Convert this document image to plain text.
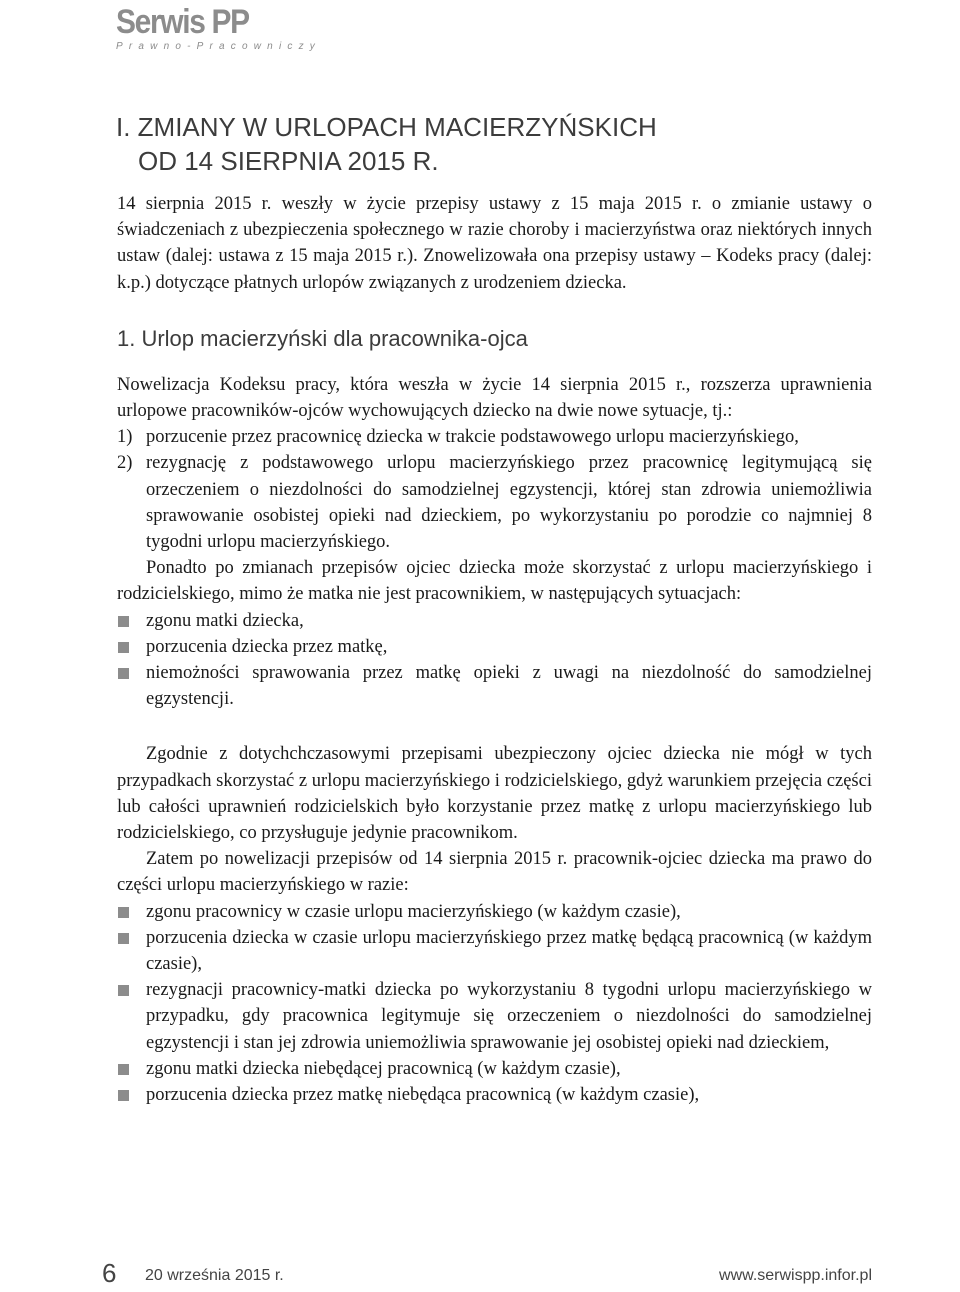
Serwis PP
Prawno-Pracowniczy
I. ZMIANY W URLOPACH MACIERZYŃSKICH
OD 14 SIERPNIA 2015 R.

14 sierpnia 2015 r. weszły w życie przepisy ustawy z 15 maja 2015 r. o zmianie ustawy o świadczeniach z ubezpieczenia społecznego w razie choroby i macierzyństwa oraz niektórych innych ustaw (dalej: ustawa z 15 maja 2015 r.). Znowelizowała ona przepisy ustawy – Kodeks pracy (dalej: k.p.) dotyczące płatnych urlopów związanych z urodzeniem dziecka.

1. Urlop macierzyński dla pracownika-ojca

Nowelizacja Kodeksu pracy, która weszła w życie 14 sierpnia 2015 r., rozszerza uprawnienia urlopowe pracowników-ojców wychowujących dziecko na dwie nowe sytuacje, tj.:

1) porzucenie przez pracownicę dziecka w trakcie podstawowego urlopu macierzyńskiego,
2) rezygnację z podstawowego urlopu macierzyńskiego przez pracownicę legitymującą się orzeczeniem o niezdolności do samodzielnej egzystencji, której stan zdrowia uniemożliwia sprawowanie osobistej opieki nad dzieckiem, po wykorzystaniu po porodzie co najmniej 8 tygodni urlopu macierzyńskiego.

Ponadto po zmianach przepisów ojciec dziecka może skorzystać z urlopu macierzyńskiego i rodzicielskiego, mimo że matka nie jest pracownikiem, w następujących sytuacjach:

zgonu matki dziecka,
porzucenia dziecka przez matkę,
niemożności sprawowania przez matkę opieki z uwagi na niezdolność do samodzielnej egzystencji.

Zgodnie z dotychchczasowymi przepisami ubezpieczony ojciec dziecka nie mógł w tych przypadkach skorzystać z urlopu macierzyńskiego i rodzicielskiego, gdyż warunkiem przejęcia części lub całości uprawnień rodzicielskich było korzystanie przez matkę z urlopu macierzyńskiego lub rodzicielskiego, co przysługuje jedynie pracownikom.

Zatem po nowelizacji przepisów od 14 sierpnia 2015 r. pracownik-ojciec dziecka ma prawo do części urlopu macierzyńskiego w razie:

zgonu pracownicy w czasie urlopu macierzyńskiego (w każdym czasie),
porzucenia dziecka w czasie urlopu macierzyńskiego przez matkę będącą pracownicą (w każdym czasie),
rezygnacji pracownicy-matki dziecka po wykorzystaniu 8 tygodni urlopu macierzyńskiego w przypadku, gdy pracownica legitymuje się orzeczeniem o niezdolności do samodzielnej egzystencji i stan jej zdrowia uniemożliwia sprawowanie jej osobistej opieki nad dzieckiem,
zgonu matki dziecka niebędącej pracownicą (w każdym czasie),
porzucenia dziecka przez matkę niebędąca pracownicą (w każdym czasie),
6 20 września 2015 r.	www.serwispp.infor.pl
